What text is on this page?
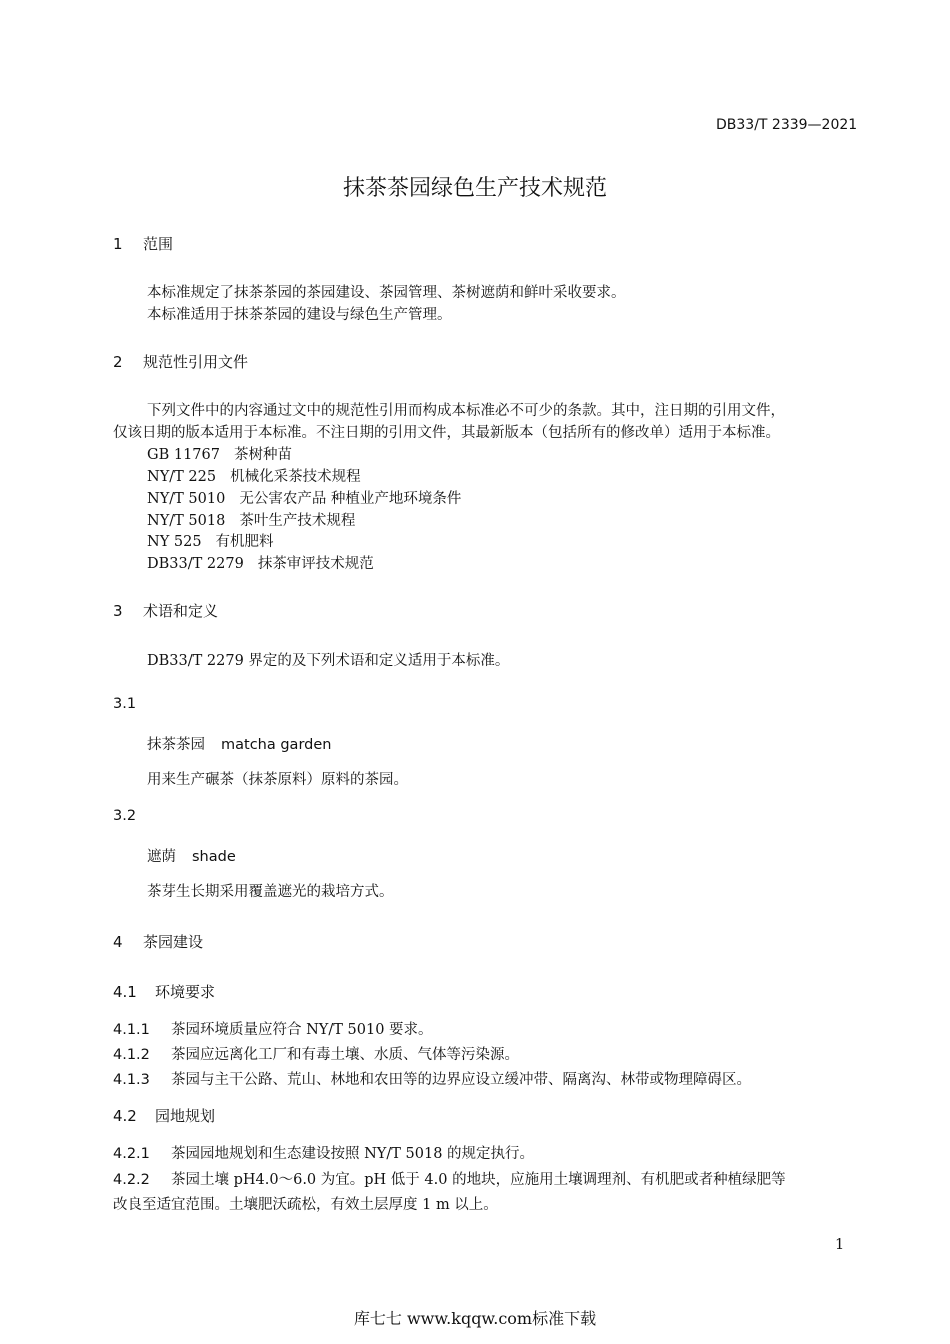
DB33/T 2339—2021
抹茶茶园绿色生产技术规范
1 范围
本标准规定了抹茶茶园的茶园建设、茶园管理、茶树遮荫和鲜叶采收要求。
本标准适用于抹茶茶园的建设与绿色生产管理。
2 规范性引用文件
下列文件中的内容通过文中的规范性引用而构成本标准必不可少的条款。其中，注日期的引用文件，
仅该日期的版本适用于本标准。不注日期的引用文件，其最新版本（包括所有的修改单）适用于本标准。
GB 11767 茶树种苗
NY/T 225 机械化采茶技术规程
NY/T 5010 无公害农产品 种植业产地环境条件
NY/T 5018 茶叶生产技术规程
NY 525 有机肥料
DB33/T 2279 抹茶审评技术规范
3 术语和定义
DB33/T 2279 界定的及下列术语和定义适用于本标准。
3.1
抹茶茶园 matcha garden
用来生产碾茶（抹茶原料）原料的茶园。
3.2
遮荫 shade
茶芽生长期采用覆盖遮光的栽培方式。
4 茶园建设
4.1 环境要求
4.1.1 茶园环境质量应符合 NY/T 5010 要求。
4.1.2 茶园应远离化工厂和有毒土壤、水质、气体等污染源。
4.1.3 茶园与主干公路、荒山、林地和农田等的边界应设立缓冲带、隔离沟、林带或物理障碍区。
4.2 园地规划
4.2.1 茶园园地规划和生态建设按照 NY/T 5018 的规定执行。
4.2.2 茶园土壤 pH4.0～6.0 为宜。pH 低于 4.0 的地块，应施用土壤调理剂、有机肥或者种植绿肥等
改良至适宜范围。土壤肥沃疏松，有效土层厚度 1 m 以上。
1
库七七 www.kqqw.com标准下载
